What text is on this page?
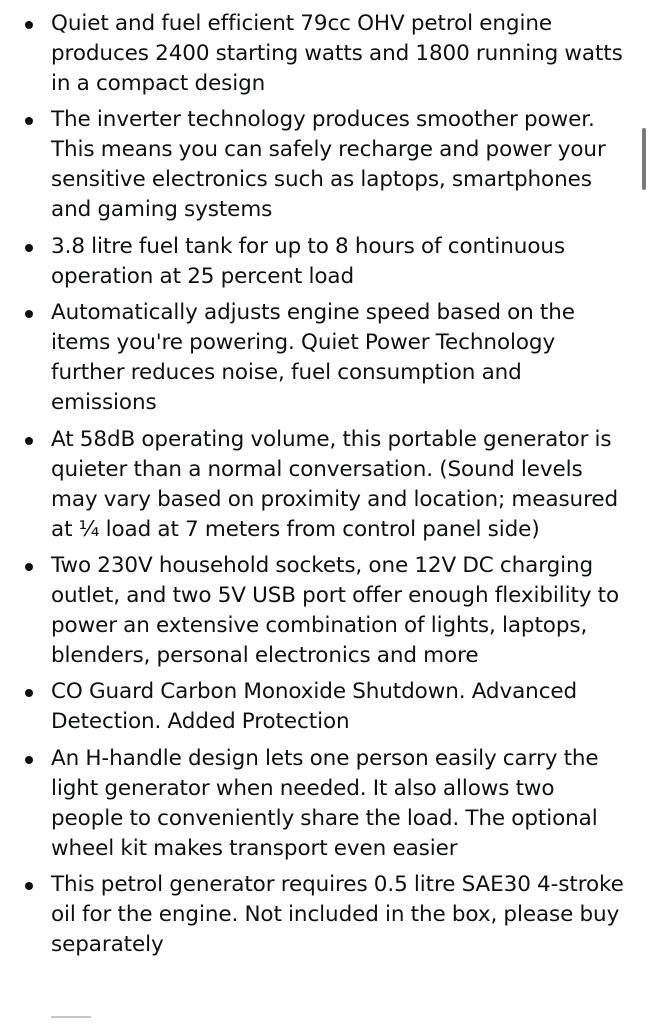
Quiet and fuel efficient 79cc OHV petrol engine produces 2400 starting watts and 1800 running watts in a compact design
The inverter technology produces smoother power. This means you can safely recharge and power your sensitive electronics such as laptops, smartphones and gaming systems
3.8 litre fuel tank for up to 8 hours of continuous operation at 25 percent load
Automatically adjusts engine speed based on the items you're powering. Quiet Power Technology further reduces noise, fuel consumption and emissions
At 58dB operating volume, this portable generator is quieter than a normal conversation. (Sound levels may vary based on proximity and location; measured at ¼ load at 7 meters from control panel side)
Two 230V household sockets, one 12V DC charging outlet, and two 5V USB port offer enough flexibility to power an extensive combination of lights, laptops, blenders, personal electronics and more
CO Guard Carbon Monoxide Shutdown. Advanced Detection. Added Protection
An H-handle design lets one person easily carry the light generator when needed. It also allows two people to conveniently share the load. The optional wheel kit makes transport even easier
This petrol generator requires 0.5 litre SAE30 4-stroke oil for the engine. Not included in the box, please buy separately
